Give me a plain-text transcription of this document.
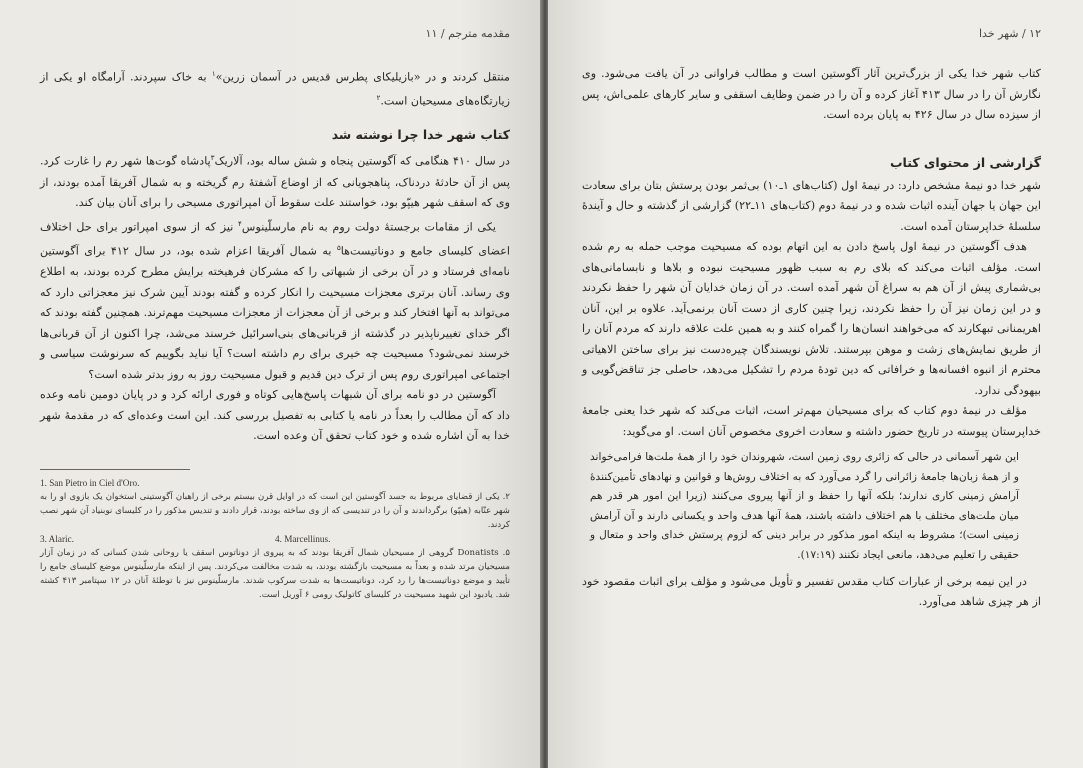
مقدمه مترجم / ۱۱

منتقل کردند و در «بازیلیکای پطرس قدیس در آسمان زرین»$^۱$ به خاک سپردند. آرامگاه او یکی از زیارتگاه‌های مسیحیان است.$^۲$

کتاب شهر خدا چرا نوشته شد

در سال ۴۱۰ هنگامی که آگوستین پنجاه و شش ساله بود، آلاریک$^۳$پادشاه گوت‌ها شهر رم را غارت کرد. پس از آن حادثهٔ دردناک، پناهجویانی که از اوضاع آشفتهٔ رم گریخته و به شمال آفریقا آمده بودند، از وی که اسقف شهر هیپّو بود، خواستند علت سقوط آن امپراتوری مسیحی را برای آنان بیان کند.

یکی از مقامات برجستهٔ دولت روم به نام مارسلّینوس$^۴$ نیز که از سوی امپراتور برای حل اختلاف اعضای کلیسای جامع و دوناتیست‌ها$^۵$ به شمال آفریقا اعزام شده بود، در سال ۴۱۲ برای آگوستین نامه‌ای فرستاد و در آن برخی از شبهاتی را که مشرکان فرهیخته برایش مطرح کرده بودند، به اطلاع وی رساند. آنان برتری معجزات مسیحیت را انکار کرده و گفته بودند آیین شرک نیز معجزاتی دارد که می‌تواند به آنها افتخار کند و برخی از آن معجزات از معجزات مسیحیت مهم‌ترند. همچنین گفته بودند که اگر خدای تغییرناپذیر در گذشته از قربانی‌های بنی‌اسرائیل خرسند می‌شد، چرا اکنون از آن قربانی‌ها خرسند نمی‌شود؟ مسیحیت چه خیری برای رم داشته است؟ آیا نباید بگوییم که سرنوشت سیاسی و اجتماعی امپراتوری روم پس از ترک دین قدیم و قبول مسیحیت روز به روز بدتر شده است؟

آگوستین در دو نامه برای آن شبهات پاسخ‌هایی کوتاه و فوری ارائه کرد و در پایان دومین نامه وعده داد که آن مطالب را بعداً در نامه یا کتابی به تفصیل بررسی کند. این است وعده‌ای که در مقدمهٔ شهر خدا به آن اشاره شده و خود کتاب تحقق آن وعده است.

1. San Pietro in Ciel d'Oro.
۲. یکی از قضایای مربوط به جسد آگوستین این است که در اوایل قرن بیستم برخی از راهبان آگوستینی استخوان یک بازوی او را به شهر عنّابه (هیپّو) برگرداندند و آن را در تندیسی که از وی ساخته بودند، قرار دادند و تندیس مذکور را در کلیسای نوبنیاد آن شهر نصب کردند.
3. Alaric.	4. Marcellinus.
۵. Donatists گروهی از مسیحیان شمال آفریقا بودند که به پیروی از دوناتوس اسقف یا روحانی شدن کسانی که در زمان آزار مسیحیان مرتد شده و بعداً به مسیحیت بازگشته بودند، به شدت مخالفت می‌کردند. پس از اینکه مارسلّینوس موضع کلیسای جامع را تأیید و موضع دوناتیست‌ها را رد کرد، دوناتیست‌ها به شدت سرکوب شدند. مارسلّینوس نیز با توطئهٔ آنان در ۱۲ سپتامبر ۴۱۳ کشته شد. یادبود این شهید مسیحیت در کلیسای کاتولیک رومی ۶ آوریل است.
۱۲ / شهر خدا

کتاب شهر خدا یکی از بزرگ‌ترین آثار آگوستین است و مطالب فراوانی در آن یافت می‌شود. وی نگارش آن را در سال ۴۱۳ آغاز کرده و آن را در ضمن وظایف اسقفی و سایر کارهای علمی‌اش، پس از سیزده سال در سال ۴۲۶ به پایان برده است.

گزارشی از محتوای کتاب

شهر خدا دو نیمهٔ مشخص دارد: در نیمهٔ اول (کتاب‌های ۱ـ۱۰) بی‌ثمر بودن پرستش بتان برای سعادت این جهان یا جهان آینده اثبات شده و در نیمهٔ دوم (کتاب‌های ۱۱ـ۲۲) گزارشی از گذشته و حال و آیندهٔ سلسلهٔ خداپرستان آمده است.

هدف آگوستین در نیمهٔ اول پاسخ دادن به این اتهام بوده که مسیحیت موجب حمله به رم شده است. مؤلف اثبات می‌کند که بلای رم به سبب ظهور مسیحیت نبوده و بلاها و نابسامانی‌های بی‌شماری پیش از آن هم به سراغ آن شهر آمده است. در آن زمان خدایان آن شهر را حفظ نکردند و در این زمان نیز آن را حفظ نکردند، زیرا چنین کاری از دست آنان برنمی‌آید. علاوه بر این، آنان اهریمنانی تبهکارند که می‌خواهند انسان‌ها را گمراه کنند و به همین علت علاقه دارند که مردم آنان را از طریق نمایش‌های زشت و موهن بپرستند. تلاش نویسندگان چیره‌دست نیز برای ساختن الاهیاتی محترم از انبوه افسانه‌ها و خرافاتی که دین تودهٔ مردم را تشکیل می‌دهد، حاصلی جز تناقض‌گویی و بیهودگی ندارد.

مؤلف در نیمهٔ دوم کتاب که برای مسیحیان مهم‌تر است، اثبات می‌کند که شهر خدا یعنی جامعهٔ خداپرستان پیوسته در تاریخ حضور داشته و سعادت اخروی مخصوص آنان است. او می‌گوید:

این شهر آسمانی در حالی که زائری روی زمین است، شهروندان خود را از همهٔ ملت‌ها فرامی‌خواند و از همهٔ زبان‌ها جامعهٔ زائرانی را گرد می‌آورد که به اختلاف روش‌ها و قوانین و نهادهای تأمین‌کنندهٔ آرامش زمینی کاری ندارند؛ بلکه آنها را حفظ و از آنها پیروی می‌کنند (زیرا این امور هر قدر هم میان ملت‌های مختلف با هم اختلاف داشته باشند، همهٔ آنها هدف واحد و یکسانی دارند و آن آرامش زمینی است)؛ مشروط به اینکه امور مذکور در برابر دینی که لزوم پرستش خدای واحد و متعال و حقیقی را تعلیم می‌دهد، مانعی ایجاد نکنند (۱۷:۱۹).

در این نیمه برخی از عبارات کتاب مقدس تفسیر و تأویل می‌شود و مؤلف برای اثبات مقصود خود از هر چیزی شاهد می‌آورد.
